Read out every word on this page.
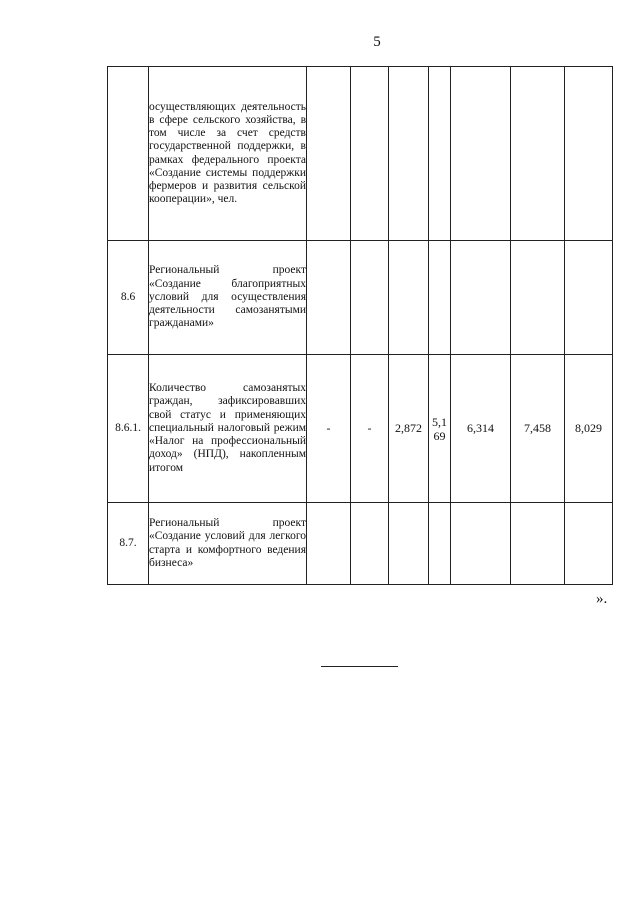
5
	осуществляющих деятельность в сфере сельского хозяйства, в том числе за счет средств государственной поддержки, в рамках федерального проекта «Создание системы поддержки фермеров и развития сельской кооперации», чел.							
8.6	Региональный проект «Создание благоприятных условий для осуществления деятельности самозанятыми гражданами»							
8.6.1.	Количество самозанятых граждан, зафиксировавших свой статус и применяющих специальный налоговый режим «Налог на профессиональный доход» (НПД), накопленным итогом	-	-	2,872	5,169	6,314	7,458	8,029
8.7.	Региональный проект «Создание условий для легкого старта и комфортного ведения бизнеса»							
».
